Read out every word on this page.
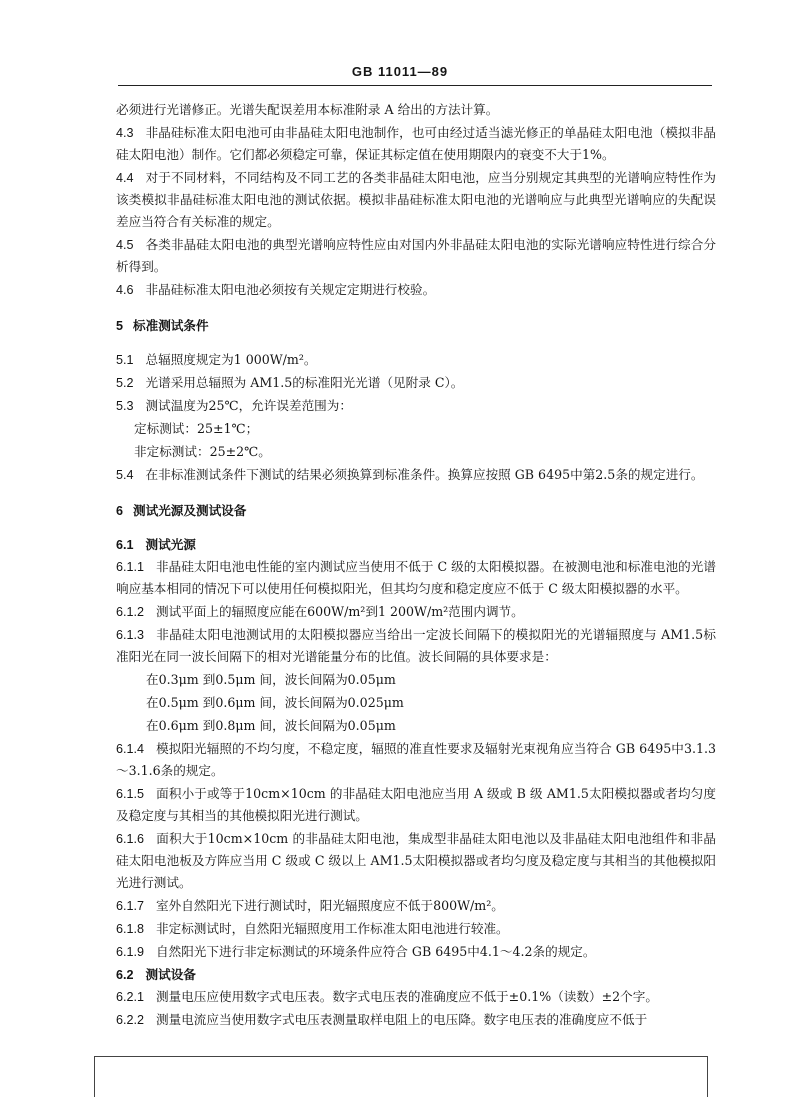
GB 11011—89

必须进行光谱修正。光谱失配误差用本标准附录 A 给出的方法计算。

4.3 非晶硅标准太阳电池可由非晶硅太阳电池制作，也可由经过适当滤光修正的单晶硅太阳电池（模拟非晶硅太阳电池）制作。它们都必须稳定可靠，保证其标定值在使用期限内的衰变不大于1%。

4.4 对于不同材料，不同结构及不同工艺的各类非晶硅太阳电池，应当分别规定其典型的光谱响应特性作为该类模拟非晶硅标准太阳电池的测试依据。模拟非晶硅标准太阳电池的光谱响应与此典型光谱响应的失配误差应当符合有关标准的规定。

4.5 各类非晶硅太阳电池的典型光谱响应特性应由对国内外非晶硅太阳电池的实际光谱响应特性进行综合分析得到。

4.6 非晶硅标准太阳电池必须按有关规定定期进行校验。

5 标准测试条件

5.1 总辐照度规定为1 000W/m²。

5.2 光谱采用总辐照为 AM1.5的标准阳光光谱（见附录 C）。

5.3 测试温度为25℃，允许误差范围为：

定标测试：25±1℃；

非定标测试：25±2℃。

5.4 在非标准测试条件下测试的结果必须换算到标准条件。换算应按照 GB 6495中第2.5条的规定进行。

6 测试光源及测试设备

6.1 测试光源

6.1.1 非晶硅太阳电池电性能的室内测试应当使用不低于 C 级的太阳模拟器。在被测电池和标准电池的光谱响应基本相同的情况下可以使用任何模拟阳光，但其均匀度和稳定度应不低于 C 级太阳模拟器的水平。

6.1.2 测试平面上的辐照度应能在600W/m²到1 200W/m²范围内调节。

6.1.3 非晶硅太阳电池测试用的太阳模拟器应当给出一定波长间隔下的模拟阳光的光谱辐照度与 AM1.5标准阳光在同一波长间隔下的相对光谱能量分布的比值。波长间隔的具体要求是：

在0.3μm 到0.5μm 间，波长间隔为0.05μm

在0.5μm 到0.6μm 间，波长间隔为0.025μm

在0.6μm 到0.8μm 间，波长间隔为0.05μm

6.1.4 模拟阳光辐照的不均匀度，不稳定度，辐照的准直性要求及辐射光束视角应当符合 GB 6495中3.1.3～3.1.6条的规定。

6.1.5 面积小于或等于10cm×10cm 的非晶硅太阳电池应当用 A 级或 B 级 AM1.5太阳模拟器或者均匀度及稳定度与其相当的其他模拟阳光进行测试。

6.1.6 面积大于10cm×10cm 的非晶硅太阳电池，集成型非晶硅太阳电池以及非晶硅太阳电池组件和非晶硅太阳电池板及方阵应当用 C 级或 C 级以上 AM1.5太阳模拟器或者均匀度及稳定度与其相当的其他模拟阳光进行测试。

6.1.7 室外自然阳光下进行测试时，阳光辐照度应不低于800W/m²。

6.1.8 非定标测试时，自然阳光辐照度用工作标准太阳电池进行较准。

6.1.9 自然阳光下进行非定标测试的环境条件应符合 GB 6495中4.1～4.2条的规定。

6.2 测试设备

6.2.1 测量电压应使用数字式电压表。数字式电压表的准确度应不低于±0.1%（读数）±2个字。

6.2.2 测量电流应当使用数字式电压表测量取样电阻上的电压降。数字电压表的准确度应不低于
